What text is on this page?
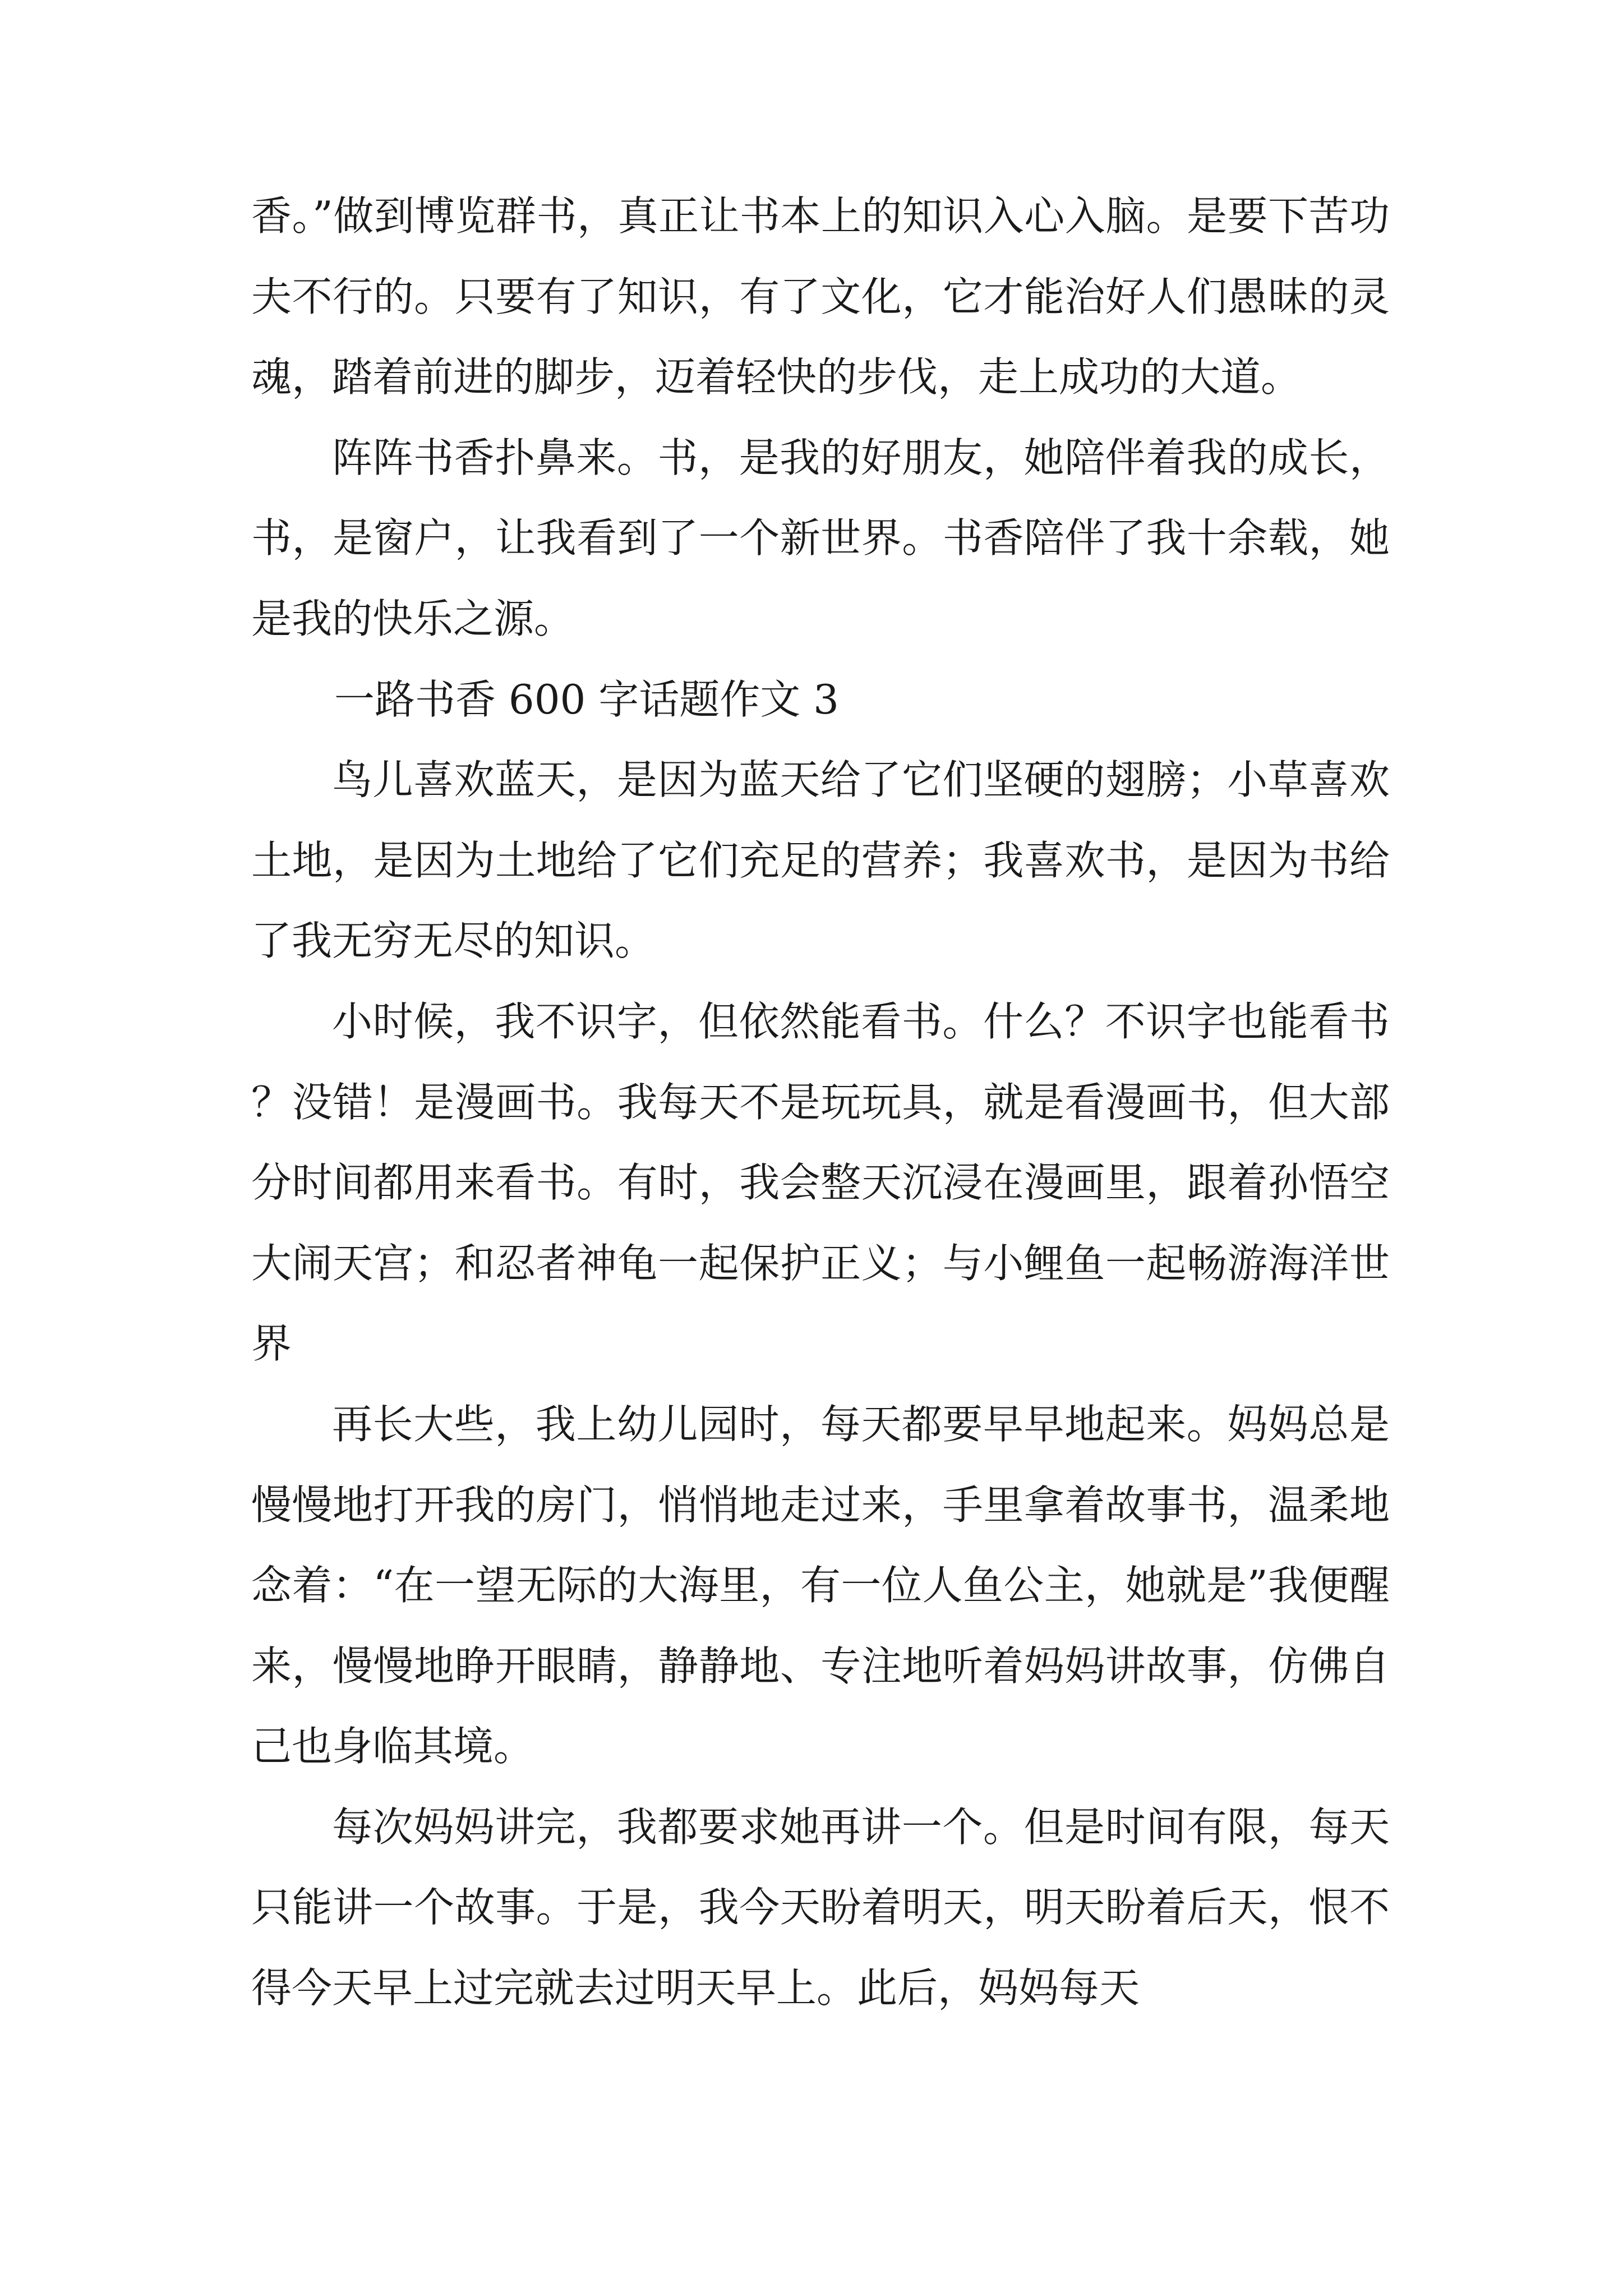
香。”做到博览群书，真正让书本上的知识入心入脑。是要下苦功夫不行的。只要有了知识，有了文化，它才能治好人们愚昧的灵魂，踏着前进的脚步，迈着轻快的步伐，走上成功的大道。

阵阵书香扑鼻来。书，是我的好朋友，她陪伴着我的成长，书，是窗户，让我看到了一个新世界。书香陪伴了我十余载，她是我的快乐之源。

一路书香 600 字话题作文 3

鸟儿喜欢蓝天，是因为蓝天给了它们坚硬的翅膀；小草喜欢土地，是因为土地给了它们充足的营养；我喜欢书，是因为书给了我无穷无尽的知识。

小时候，我不识字，但依然能看书。什么？不识字也能看书？没错！是漫画书。我每天不是玩玩具，就是看漫画书，但大部分时间都用来看书。有时，我会整天沉浸在漫画里，跟着孙悟空大闹天宫；和忍者神龟一起保护正义；与小鲤鱼一起畅游海洋世界

再长大些，我上幼儿园时，每天都要早早地起来。妈妈总是慢慢地打开我的房门，悄悄地走过来，手里拿着故事书，温柔地念着：“在一望无际的大海里，有一位人鱼公主，她就是”我便醒来，慢慢地睁开眼睛，静静地、专注地听着妈妈讲故事，仿佛自己也身临其境。

每次妈妈讲完，我都要求她再讲一个。但是时间有限，每天只能讲一个故事。于是，我今天盼着明天，明天盼着后天，恨不得今天早上过完就去过明天早上。此后，妈妈每天
